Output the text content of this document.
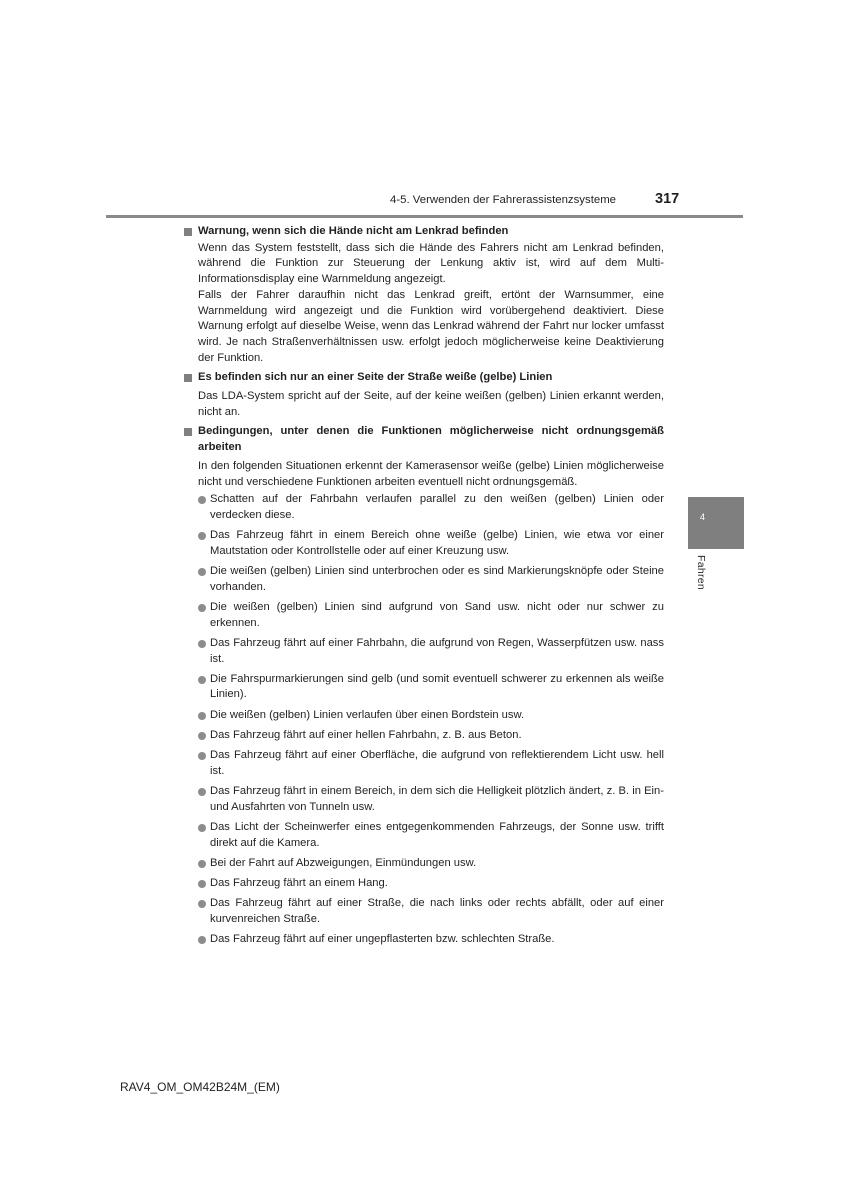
4-5. Verwenden der Fahrerassistenzsysteme	317
Warnung, wenn sich die Hände nicht am Lenkrad befinden
Wenn das System feststellt, dass sich die Hände des Fahrers nicht am Lenkrad befinden, während die Funktion zur Steuerung der Lenkung aktiv ist, wird auf dem Multi-Informationsdisplay eine Warnmeldung angezeigt.
Falls der Fahrer daraufhin nicht das Lenkrad greift, ertönt der Warnsummer, eine Warnmeldung wird angezeigt und die Funktion wird vorübergehend deaktiviert. Diese Warnung erfolgt auf dieselbe Weise, wenn das Lenkrad während der Fahrt nur locker umfasst wird. Je nach Straßenverhältnissen usw. erfolgt jedoch möglicherweise keine Deaktivierung der Funktion.
Es befinden sich nur an einer Seite der Straße weiße (gelbe) Linien
Das LDA-System spricht auf der Seite, auf der keine weißen (gelben) Linien erkannt werden, nicht an.
Bedingungen, unter denen die Funktionen möglicherweise nicht ordnungsgemäß arbeiten
In den folgenden Situationen erkennt der Kamerasensor weiße (gelbe) Linien möglicherweise nicht und verschiedene Funktionen arbeiten eventuell nicht ordnungsgemäß.
Schatten auf der Fahrbahn verlaufen parallel zu den weißen (gelben) Linien oder verdecken diese.
Das Fahrzeug fährt in einem Bereich ohne weiße (gelbe) Linien, wie etwa vor einer Mautstation oder Kontrollstelle oder auf einer Kreuzung usw.
Die weißen (gelben) Linien sind unterbrochen oder es sind Markierungsknöpfe oder Steine vorhanden.
Die weißen (gelben) Linien sind aufgrund von Sand usw. nicht oder nur schwer zu erkennen.
Das Fahrzeug fährt auf einer Fahrbahn, die aufgrund von Regen, Wasserpfützen usw. nass ist.
Die Fahrspurmarkierungen sind gelb (und somit eventuell schwerer zu erkennen als weiße Linien).
Die weißen (gelben) Linien verlaufen über einen Bordstein usw.
Das Fahrzeug fährt auf einer hellen Fahrbahn, z. B. aus Beton.
Das Fahrzeug fährt auf einer Oberfläche, die aufgrund von reflektierendem Licht usw. hell ist.
Das Fahrzeug fährt in einem Bereich, in dem sich die Helligkeit plötzlich ändert, z. B. in Ein- und Ausfahrten von Tunneln usw.
Das Licht der Scheinwerfer eines entgegenkommenden Fahrzeugs, der Sonne usw. trifft direkt auf die Kamera.
Bei der Fahrt auf Abzweigungen, Einmündungen usw.
Das Fahrzeug fährt an einem Hang.
Das Fahrzeug fährt auf einer Straße, die nach links oder rechts abfällt, oder auf einer kurvenreichen Straße.
Das Fahrzeug fährt auf einer ungepflasterten bzw. schlechten Straße.
4
Fahren
RAV4_OM_OM42B24M_(EM)
